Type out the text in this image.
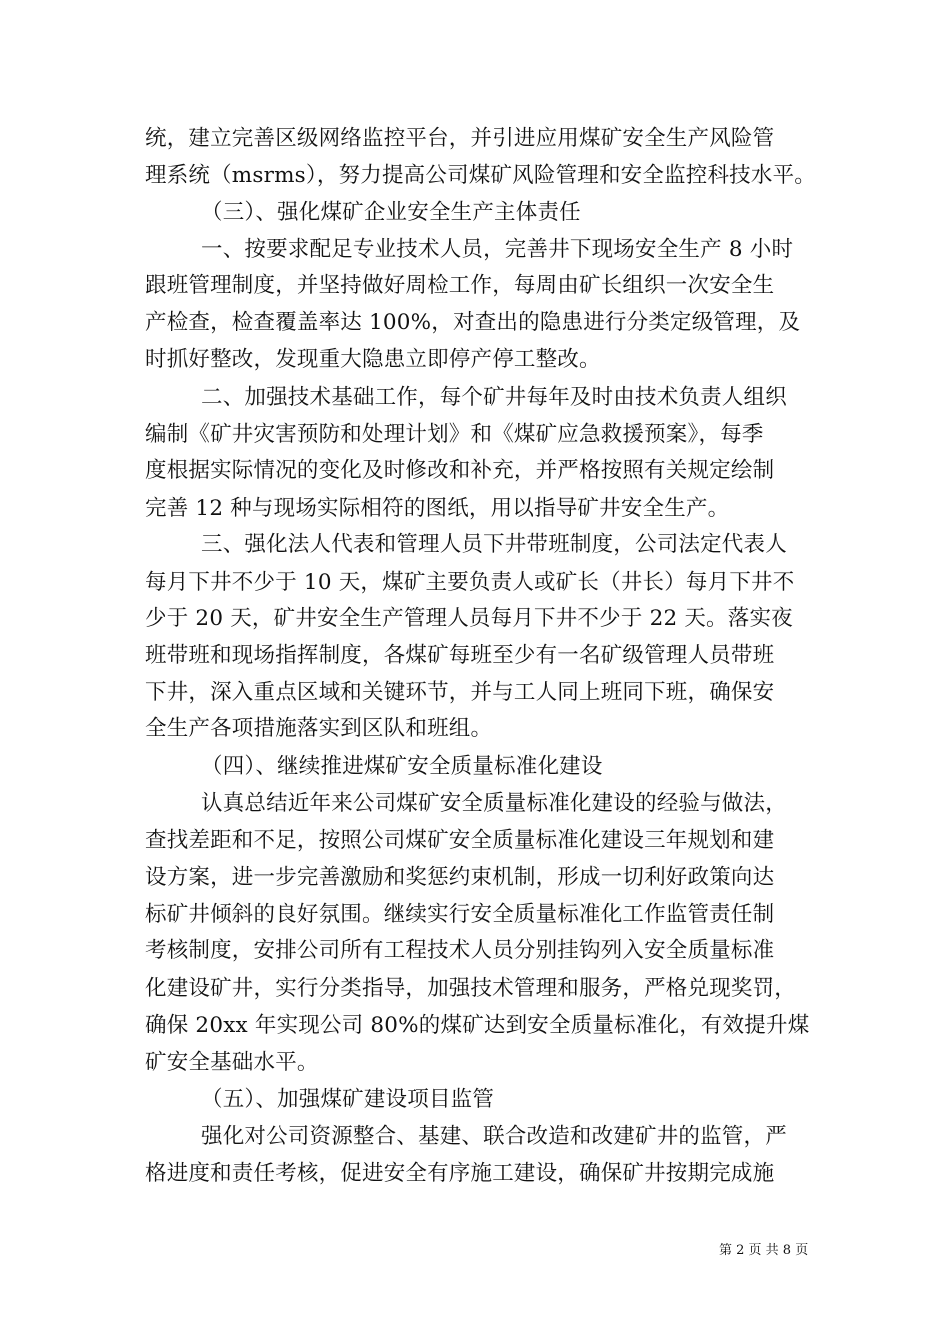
统，建立完善区级网络监控平台，并引进应用煤矿安全生产风险管
理系统（msrms），努力提高公司煤矿风险管理和安全监控科技水平。
（三）、强化煤矿企业安全生产主体责任
一、按要求配足专业技术人员，完善井下现场安全生产 8 小时
跟班管理制度，并坚持做好周检工作，每周由矿长组织一次安全生
产检查，检查覆盖率达 100%，对查出的隐患进行分类定级管理，及
时抓好整改，发现重大隐患立即停产停工整改。
二、加强技术基础工作，每个矿井每年及时由技术负责人组织
编制《矿井灾害预防和处理计划》和《煤矿应急救援预案》，每季
度根据实际情况的变化及时修改和补充，并严格按照有关规定绘制
完善 12 种与现场实际相符的图纸，用以指导矿井安全生产。
三、强化法人代表和管理人员下井带班制度，公司法定代表人
每月下井不少于 10 天，煤矿主要负责人或矿长（井长）每月下井不
少于 20 天，矿井安全生产管理人员每月下井不少于 22 天。落实夜
班带班和现场指挥制度，各煤矿每班至少有一名矿级管理人员带班
下井，深入重点区域和关键环节，并与工人同上班同下班，确保安
全生产各项措施落实到区队和班组。
（四）、继续推进煤矿安全质量标准化建设
认真总结近年来公司煤矿安全质量标准化建设的经验与做法，
查找差距和不足，按照公司煤矿安全质量标准化建设三年规划和建
设方案，进一步完善激励和奖惩约束机制，形成一切利好政策向达
标矿井倾斜的良好氛围。继续实行安全质量标准化工作监管责任制
考核制度，安排公司所有工程技术人员分别挂钩列入安全质量标准
化建设矿井，实行分类指导，加强技术管理和服务，严格兑现奖罚，
确保 20xx 年实现公司 80%的煤矿达到安全质量标准化，有效提升煤
矿安全基础水平。
（五）、加强煤矿建设项目监管
强化对公司资源整合、基建、联合改造和改建矿井的监管，严
格进度和责任考核，促进安全有序施工建设，确保矿井按期完成施
第 2 页 共 8 页
